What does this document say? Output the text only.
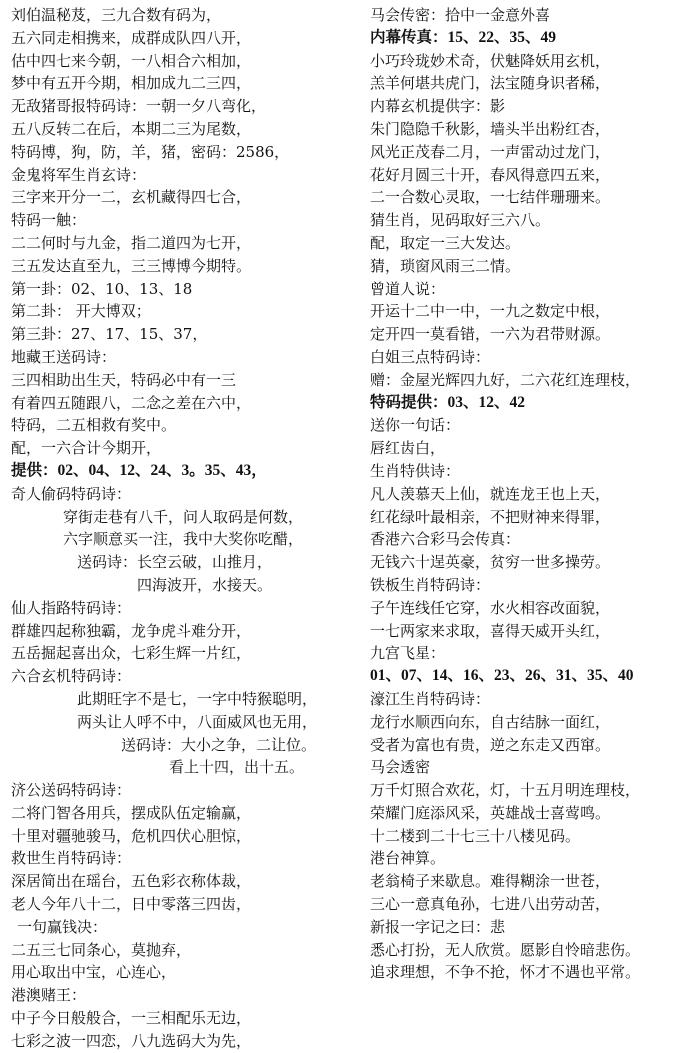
刘伯温秘芨，三九合数有码为，
五六同走相携来，成群成队四八开，
估中四七来今朝，一八相合六相加，
梦中有五开今期，相加成九二三四，
无敌猪哥报特码诗：一朝一夕八弯化，
五八反转二在后，本期二三为尾数，
特码博，狗，防，羊，猪，密码：2586，
金鬼将军生肖玄诗：
三字来开分一二，玄机藏得四七合，
特码一触：
二二何时与九金，指二道四为七开，
三五发达直至九，三三博博今期特。
第一卦：02、10、13、18
第二卦： 开大博双；
第三卦：27、17、15、37，
地藏王送码诗：
三四相助出生天，特码必中有一三
有着四五随跟八，二念之差在六中，
特码，二五相救有奖中。
配，一六合计今期开，
提供：02、04、12、24、3。35、43，
奇人偷码特码诗：
穿街走巷有八千，问人取码是何数，
六字顺意买一注，我中大奖你吃醋，
送码诗：长空云破，山推月，
四海波开，水接天。
仙人指路特码诗：
群雄四起称独霸，龙争虎斗难分开，
五岳掘起喜出众，七彩生辉一片红，
六合玄机特码诗：
此期旺字不是七，一字中特猴聪明，
两头让人呼不中，八面威风也无用，
送码诗：大小之争，二让位。
看上十四，出十五。
济公送码特码诗：
二将门智各用兵，摆成队伍定输赢，
十里对疆驰骏马，危机四伏心胆惊，
救世生肖特码诗：
深居简出在瑶台，五色彩衣称体裁，
老人今年八十二，日中零落三四齿，
一句赢钱决：
二五三七同条心，莫抛弃，
用心取出中宝，心连心，
港澳赌王：
中子今日般般合，一三相配乐无边，
七彩之波一四恋，八九选码大为先，
马会传密：拾中一金意外喜
内幕传真：15、22、35、49
小巧玲珑妙术奇，伏魅降妖用玄机，
羔羊何堪共虎门，法宝随身识者稀，
内幕玄机提供字：影
朱门隐隐千秋影，墙头半出粉红杏，
风光正茂春二月，一声雷动过龙门，
花好月圆三十开，春风得意四五来，
二一合数心灵取，一七结伴珊珊来。
猜生肖，见码取好三六八。
配，取定一三大发达。
猜，琐窗风雨三二情。
曾道人说：
开运十二中一中，一九之数定中根，
定开四一莫看错，一六为君带财源。
白姐三点特码诗：
赠：金屋光辉四九好，二六花红连理枝，
特码提供：03、12、42
送你一句话：
唇红齿白，
生肖特供诗：
凡人羡慕天上仙，就连龙王也上天，
红花绿叶最相亲，不把财神来得罪，
香港六合彩马会传真：
无钱六十逞英豪，贫穷一世多操劳。
铁板生肖特码诗：
子午连线任它穿，水火相容改面貌，
一七两家来求取，喜得天威开头红，
九宫飞星：
01、07、14、16、23、26、31、35、40
濠江生肖特码诗：
龙行水顺西向东，自古结脉一面红，
受者为富也有贵，逆之东走又西窜。
马会透密
万千灯照合欢花，灯，十五月明连理枝，
荣耀门庭添风采，英雄战士喜莺鸣。
十二楼到二十七三十八楼见码。
港台神算。
老翁椅子来歇息。难得糊涂一世苍，
三心一意真龟孙，七进八出劳动苦，
新报一字记之曰：悲
悉心打扮，无人欣赏。愿影自怜暗悲伤。
追求理想，不争不抢，怀才不遇也平常。
